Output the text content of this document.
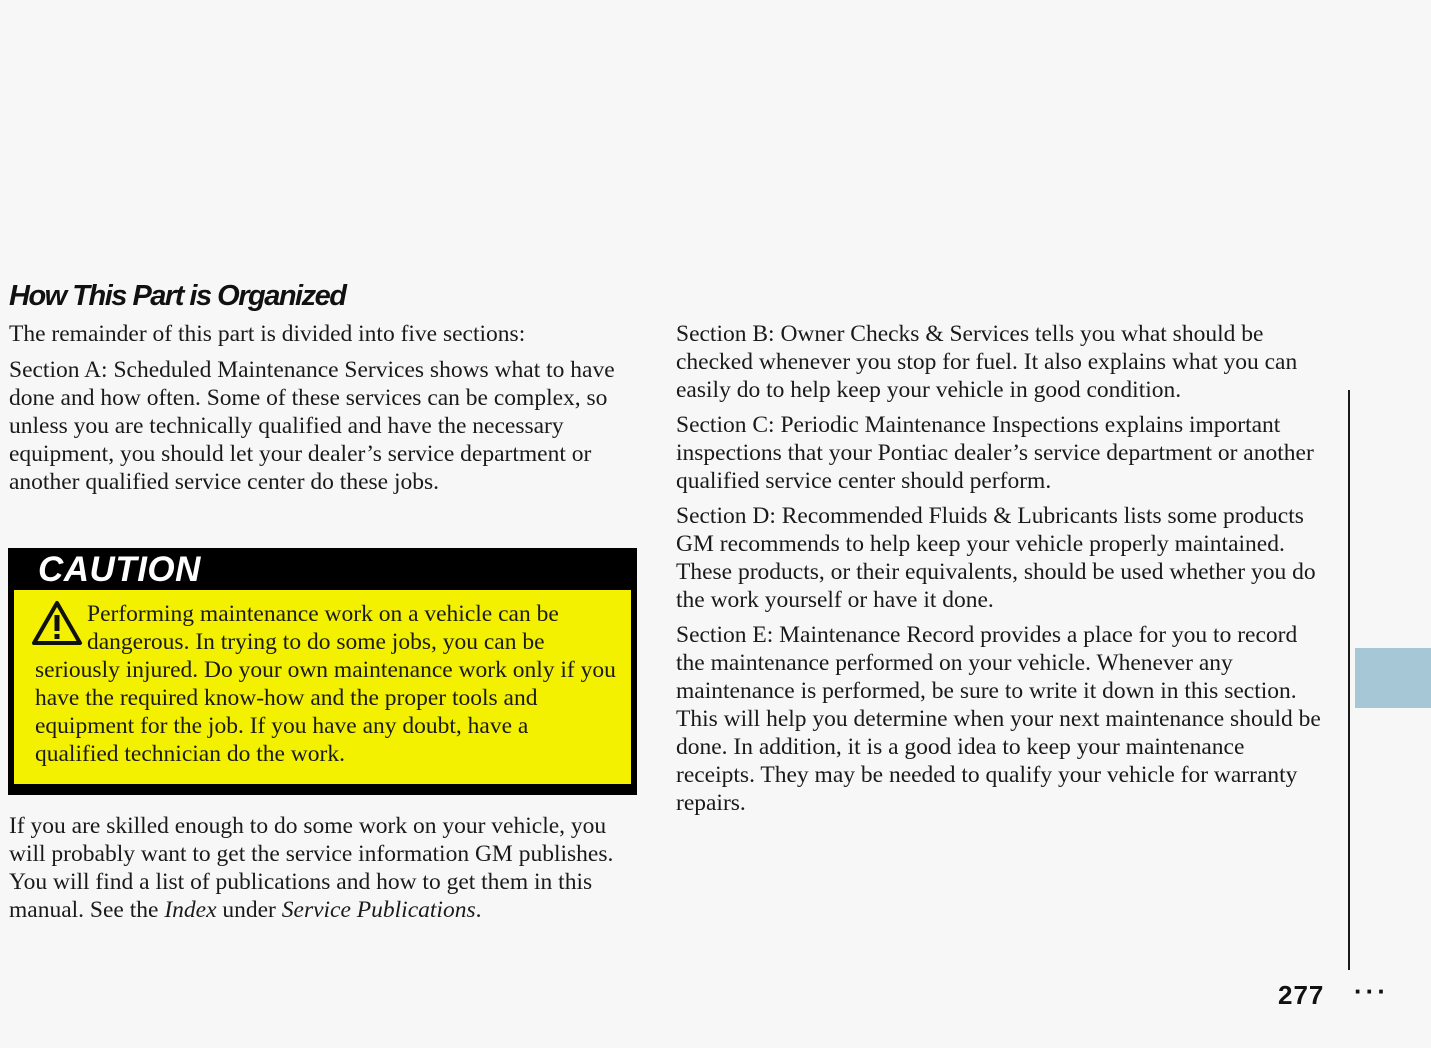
How This Part is Organized

The remainder of this part is divided into five sections:

Section A: Scheduled Maintenance Services shows what to have done and how often. Some of these services can be complex, so unless you are technically qualified and have the necessary equipment, you should let your dealer’s service department or another qualified service center do these jobs.

CAUTION

Performing maintenance work on a vehicle can be dangerous. In trying to do some jobs, you can be seriously injured. Do your own maintenance work only if you have the required know-how and the proper tools and equipment for the job. If you have any doubt, have a qualified technician do the work.

If you are skilled enough to do some work on your vehicle, you will probably want to get the service information GM publishes. You will find a list of publications and how to get them in this manual. See the Index under Service Publications.

Section B: Owner Checks & Services tells you what should be checked whenever you stop for fuel. It also explains what you can easily do to help keep your vehicle in good condition.

Section C: Periodic Maintenance Inspections explains important inspections that your Pontiac dealer’s service department or another qualified service center should perform.

Section D: Recommended Fluids & Lubricants lists some products GM recommends to help keep your vehicle properly maintained. These products, or their equivalents, should be used whether you do the work yourself or have it done.

Section E: Maintenance Record provides a place for you to record the maintenance performed on your vehicle. Whenever any maintenance is performed, be sure to write it down in this section. This will help you determine when your next maintenance should be done. In addition, it is a good idea to keep your maintenance receipts. They may be needed to qualify your vehicle for warranty repairs.

277 ···
